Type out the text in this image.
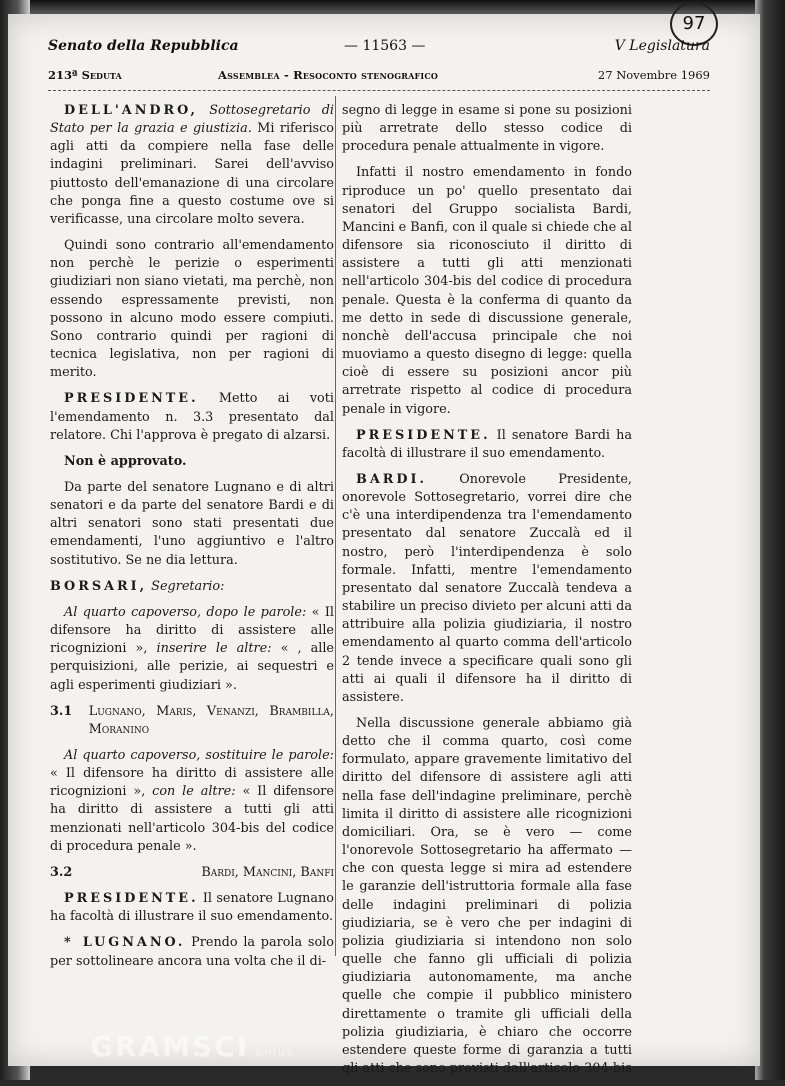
97
Senato della Repubblica	— 11563 —	V Legislatura
213ª Seduta	Assemblea - Resoconto stenografico	27 Novembre 1969

DELL'ANDRO, Sottosegretario di Stato per la grazia e giustizia. Mi riferisco agli atti da compiere nella fase delle indagini preliminari. Sarei dell'avviso piuttosto dell'emanazione di una circolare che ponga fine a questo costume ove si verificasse, una circolare molto severa.

Quindi sono contrario all'emendamento non perchè le perizie o esperimenti giudiziari non siano vietati, ma perchè, non essendo espressamente previsti, non possono in alcuno modo essere compiuti. Sono contrario quindi per ragioni di tecnica legislativa, non per ragioni di merito.

PRESIDENTE. Metto ai voti l'emendamento n. 3.3 presentato dal relatore. Chi l'approva è pregato di alzarsi.

Non è approvato.

Da parte del senatore Lugnano e di altri senatori e da parte del senatore Bardi e di altri senatori sono stati presentati due emendamenti, l'uno aggiuntivo e l'altro sostitutivo. Se ne dia lettura.

BORSARI, Segretario:

Al quarto capoverso, dopo le parole: « Il difensore ha diritto di assistere alle ricognizioni », inserire le altre: « , alle perquisizioni, alle perizie, ai sequestri e agli esperimenti giudiziari ».

3.1	Lugnano, Maris, Venanzi, Brambilla, Moranino

Al quarto capoverso, sostituire le parole: « Il difensore ha diritto di assistere alle ricognizioni », con le altre: « Il difensore ha diritto di assistere a tutti gli atti menzionati nell'articolo 304-bis del codice di procedura penale ».

3.2	Bardi, Mancini, Banfi

PRESIDENTE. Il senatore Lugnano ha facoltà di illustrare il suo emendamento.

* LUGNANO. Prendo la parola solo per sottolineare ancora una volta che il di-

segno di legge in esame si pone su posizioni più arretrate dello stesso codice di procedura penale attualmente in vigore.

Infatti il nostro emendamento in fondo riproduce un po' quello presentato dai senatori del Gruppo socialista Bardi, Mancini e Banfi, con il quale si chiede che al difensore sia riconosciuto il diritto di assistere a tutti gli atti menzionati nell'articolo 304-bis del codice di procedura penale. Questa è la conferma di quanto da me detto in sede di discussione generale, nonchè dell'accusa principale che noi muoviamo a questo disegno di legge: quella cioè di essere su posizioni ancor più arretrate rispetto al codice di procedura penale in vigore.

PRESIDENTE. Il senatore Bardi ha facoltà di illustrare il suo emendamento.

BARDI.	Onorevole Presidente, onorevole Sottosegretario, vorrei dire che c'è una interdipendenza tra l'emendamento presentato dal senatore Zuccalà ed il nostro, però l'interdipendenza è solo formale. Infatti, mentre l'emendamento presentato dal senatore Zuccalà tendeva a stabilire un preciso divieto per alcuni atti da attribuire alla polizia giudiziaria, il nostro emendamento al quarto comma dell'articolo 2 tende invece a specificare quali sono gli atti ai quali il difensore ha il diritto di assistere.

Nella discussione generale abbiamo già detto che il comma quarto, così come formulato, appare gravemente limitativo del diritto del difensore di assistere agli atti nella fase dell'indagine preliminare, perchè limita il diritto di assistere alle ricognizioni domiciliari. Ora, se è vero — come l'onorevole Sottosegretario ha affermato — che con questa legge si mira ad estendere le garanzie dell'istruttoria formale alla fase delle indagini preliminari di polizia giudiziaria, se è vero che per indagini di polizia giudiziaria si intendono non solo quelle che fanno gli ufficiali di polizia giudiziaria autonomamente, ma anche quelle che compie il pubblico ministero direttamente o tramite gli ufficiali della polizia giudiziaria, è chiaro che occorre estendere queste forme di garanzia a tutti gli atti che sono previsti dall'articolo 304-bis

GRAMSCI onlus
